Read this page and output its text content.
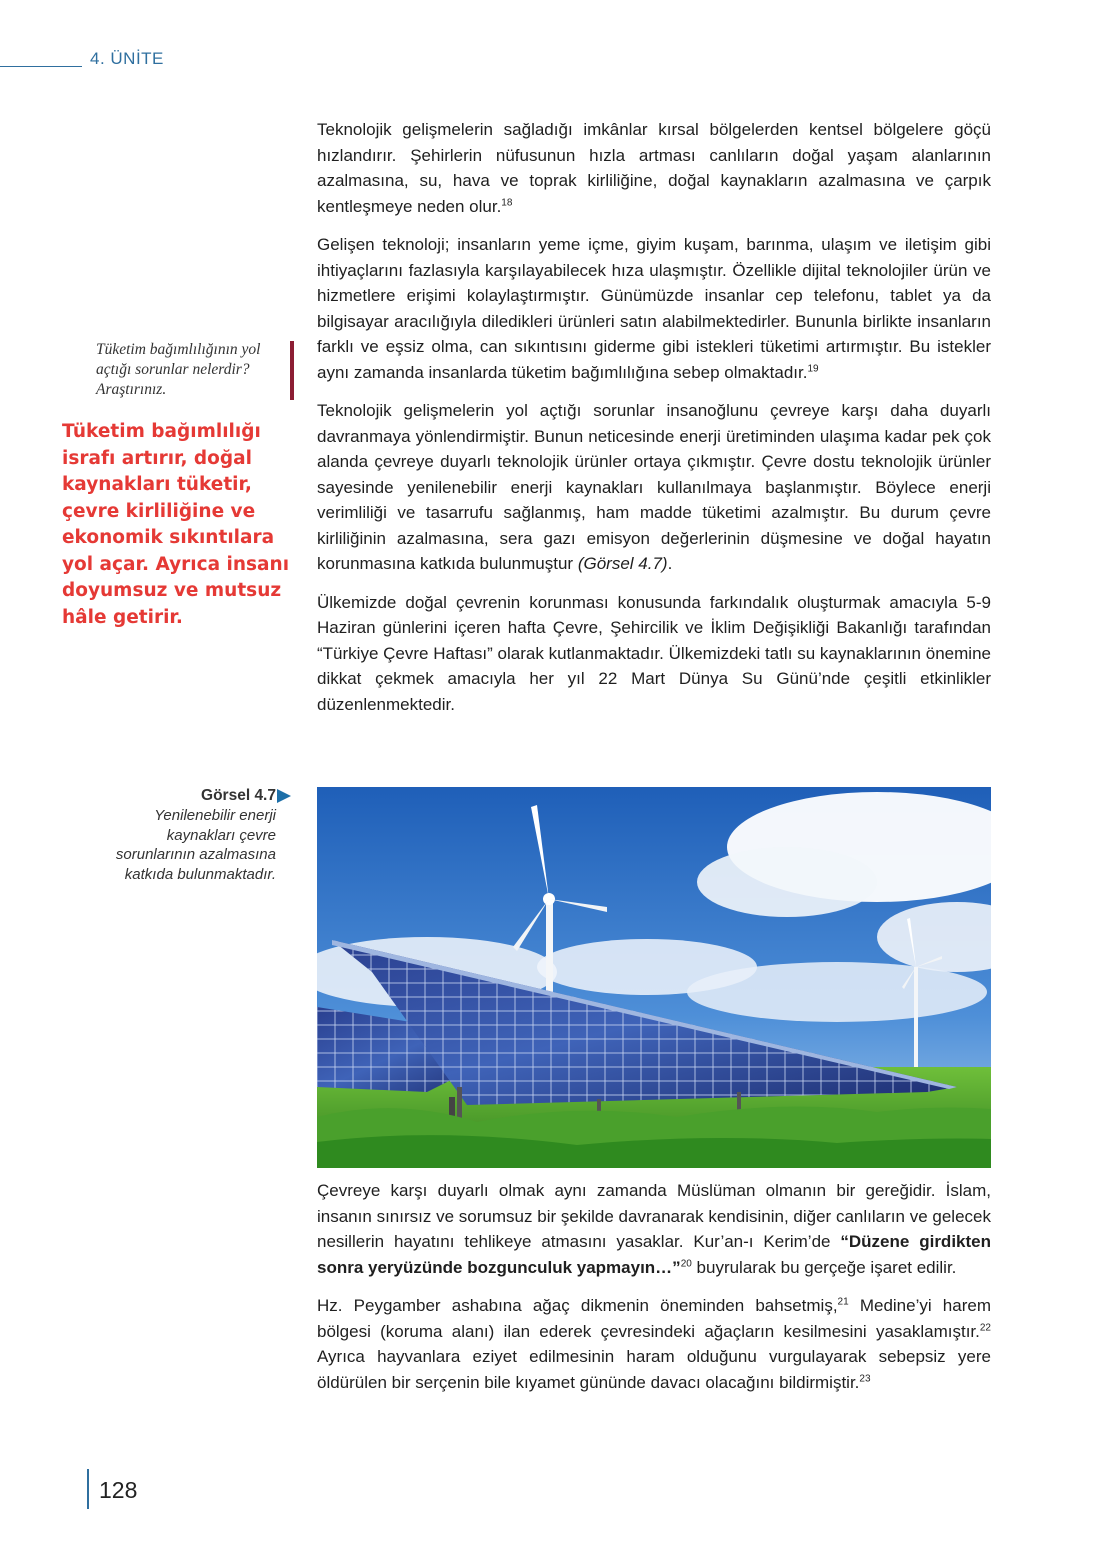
4. ÜNİTE

Teknolojik gelişmelerin sağladığı imkânlar kırsal bölgelerden kentsel bölgelere göçü hızlandırır. Şehirlerin nüfusunun hızla artması canlıların doğal yaşam alanlarının azalmasına, su, hava ve toprak kirliliğine, doğal kaynakların azalmasına ve çarpık kentleşmeye neden olur.$^{18}$

Gelişen teknoloji; insanların yeme içme, giyim kuşam, barınma, ulaşım ve iletişim gibi ihtiyaçlarını fazlasıyla karşılayabilecek hıza ulaşmıştır. Özellikle dijital teknolojiler ürün ve hizmetlere erişimi kolaylaştırmıştır. Günümüzde insanlar cep telefonu, tablet ya da bilgisayar aracılığıyla diledikleri ürünleri satın alabilmektedirler. Bununla birlikte insanların farklı ve eşsiz olma, can sıkıntısını giderme gibi istekleri tüketimi artırmıştır. Bu istekler aynı zamanda insanlarda tüketim bağımlılığına sebep olmaktadır.$^{19}$

Teknolojik gelişmelerin yol açtığı sorunlar insanoğlunu çevreye karşı daha duyarlı davranmaya yönlendirmiştir. Bunun neticesinde enerji üretiminden ulaşıma kadar pek çok alanda çevreye duyarlı teknolojik ürünler ortaya çıkmıştır. Çevre dostu teknolojik ürünler sayesinde yenilenebilir enerji kaynakları kullanılmaya başlanmıştır. Böylece enerji verimliliği ve tasarrufu sağlanmış, ham madde tüketimi azalmıştır. Bu durum çevre kirliliğinin azalmasına, sera gazı emisyon değerlerinin düşmesine ve doğal hayatın korunmasına katkıda bulunmuştur (Görsel 4.7).

Ülkemizde doğal çevrenin korunması konusunda farkındalık oluşturmak amacıyla 5-9 Haziran günlerini içeren hafta Çevre, Şehircilik ve İklim Değişikliği Bakanlığı tarafından “Türkiye Çevre Haftası” olarak kutlanmaktadır. Ülkemizdeki tatlı su kaynaklarının önemine dikkat çekmek amacıyla her yıl 22 Mart Dünya Su Günü’nde çeşitli etkinlikler düzenlenmektedir.

Tüketim bağımlılığının yol açtığı sorunlar nelerdir? Araştırınız.
Tüketim bağımlılığı israfı artırır, doğal kaynakları tüketir, çevre kirliliğine ve ekonomik sıkıntılara yol açar. Ayrıca insanı doyumsuz ve mutsuz hâle getirir.
Görsel 4.7
Yenilenebilir enerji kaynakları çevre sorunlarının azalmasına katkıda bulunmaktadır.

Çevreye karşı duyarlı olmak aynı zamanda Müslüman olmanın bir gereğidir. İslam, insanın sınırsız ve sorumsuz bir şekilde davranarak kendisinin, diğer canlıların ve gelecek nesillerin hayatını tehlikeye atmasını yasaklar. Kur’an-ı Kerim’de “Düzene girdikten sonra yeryüzünde bozgunculuk yapmayın…”$^{20}$ buyrularak bu gerçeğe işaret edilir.

Hz. Peygamber ashabına ağaç dikmenin öneminden bahsetmiş,$^{21}$ Medine’yi harem bölgesi (koruma alanı) ilan ederek çevresindeki ağaçların kesilmesini yasaklamıştır.$^{22}$ Ayrıca hayvanlara eziyet edilmesinin haram olduğunu vurgulayarak sebepsiz yere öldürülen bir serçenin bile kıyamet gününde davacı olacağını bildirmiştir.$^{23}$

128
